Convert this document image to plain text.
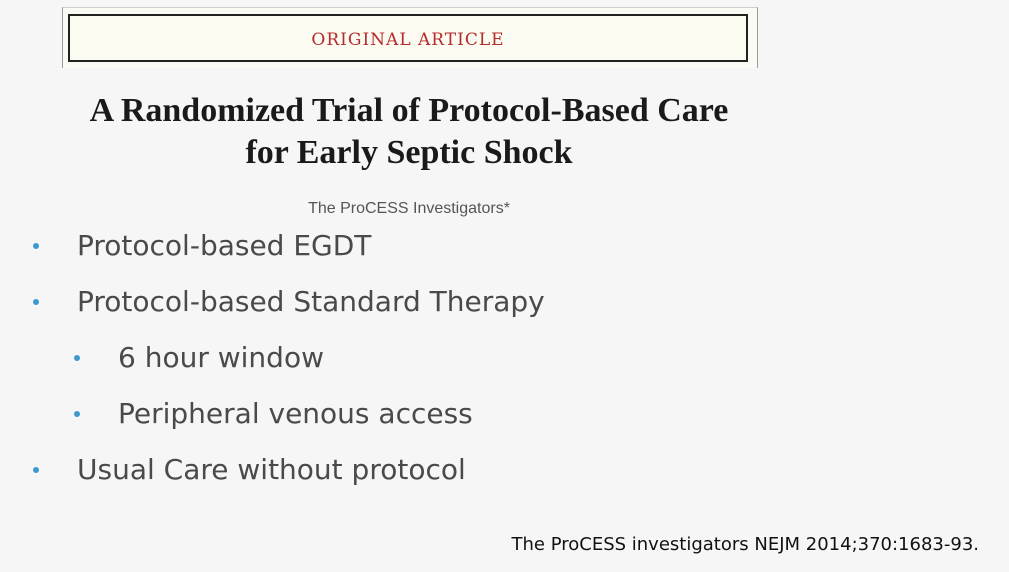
ORIGINAL ARTICLE
A Randomized Trial of Protocol-Based Care
for Early Septic Shock
The ProCESS Investigators*
Protocol-based EGDT
Protocol-based Standard Therapy
6 hour window
Peripheral venous access
Usual Care without protocol
The ProCESS investigators NEJM 2014;370:1683-93.
